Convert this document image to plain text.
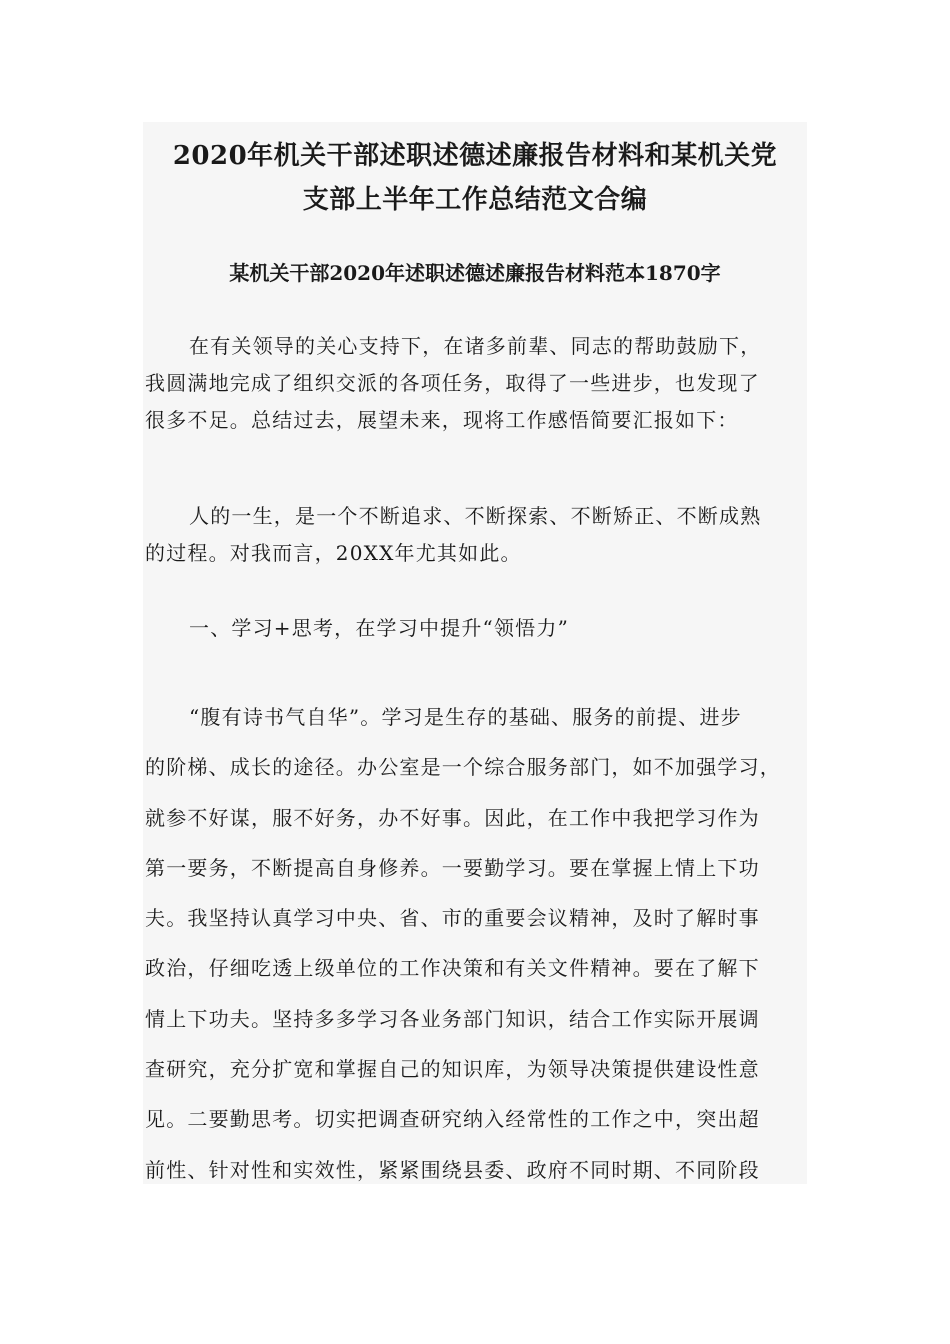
2020年机关干部述职述德述廉报告材料和某机关党
支部上半年工作总结范文合编
某机关干部2020年述职述德述廉报告材料范本1870字
在有关领导的关心支持下，在诸多前辈、同志的帮助鼓励下，
我圆满地完成了组织交派的各项任务，取得了一些进步，也发现了
很多不足。总结过去，展望未来，现将工作感悟简要汇报如下：
人的一生，是一个不断追求、不断探索、不断矫正、不断成熟
的过程。对我而言，20XX年尤其如此。
一、学习+思考，在学习中提升“领悟力”
“腹有诗书气自华”。学习是生存的基础、服务的前提、进步
的阶梯、成长的途径。办公室是一个综合服务部门，如不加强学习，
就参不好谋，服不好务，办不好事。因此，在工作中我把学习作为
第一要务，不断提高自身修养。一要勤学习。要在掌握上情上下功
夫。我坚持认真学习中央、省、市的重要会议精神，及时了解时事
政治，仔细吃透上级单位的工作决策和有关文件精神。要在了解下
情上下功夫。坚持多多学习各业务部门知识，结合工作实际开展调
查研究，充分扩宽和掌握自己的知识库，为领导决策提供建设性意
见。二要勤思考。切实把调查研究纳入经常性的工作之中，突出超
前性、针对性和实效性，紧紧围绕县委、政府不同时期、不同阶段
